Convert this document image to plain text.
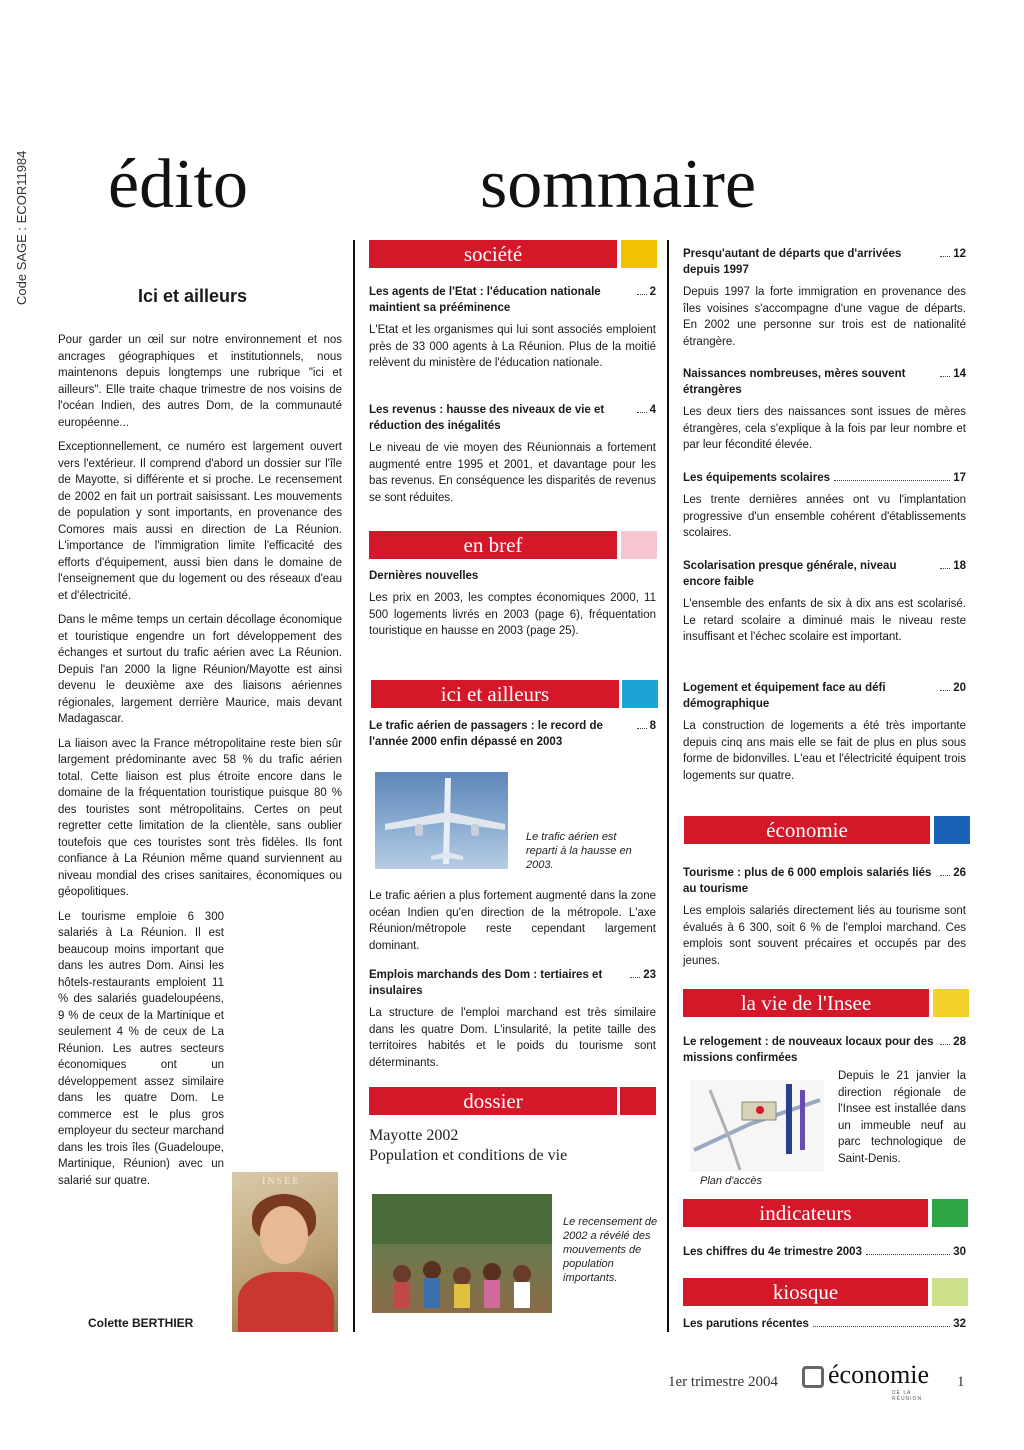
Code SAGE : ECOR11984 édito
Ici et ailleurs

Pour garder un œil sur notre environnement et nos ancrages géographiques et institutionnels, nous maintenons depuis longtemps une rubrique "ici et ailleurs". Elle traite chaque trimestre de nos voisins de l'océan Indien, des autres Dom, de la communauté européenne...

Exceptionnellement, ce numéro est largement ouvert vers l'extérieur. Il comprend d'abord un dossier sur l'île de Mayotte, si différente et si proche. Le recensement de 2002 en fait un portrait saisissant. Les mouvements de population y sont importants, en provenance des Comores mais aussi en direction de La Réunion. L'importance de l'immigration limite l'efficacité des efforts d'équipement, aussi bien dans le domaine de l'enseignement que du logement ou des réseaux d'eau et d'électricité.

Dans le même temps un certain décollage économique et touristique engendre un fort développement des échanges et surtout du trafic aérien avec La Réunion. Depuis l'an 2000 la ligne Réunion/Mayotte est ainsi devenu le deuxième axe des liaisons aériennes régionales, largement derrière Maurice, mais devant Madagascar.

La liaison avec la France métropolitaine reste bien sûr largement prédominante avec 58 % du trafic aérien total. Cette liaison est plus étroite encore dans le domaine de la fréquentation touristique puisque 80 % des touristes sont métropolitains. Certes on peut regretter cette limitation de la clientèle, sans oublier toutefois que ces touristes sont très fidèles. Ils font confiance à La Réunion même quand surviennent au niveau mondial des crises sanitaires, économiques ou géopolitiques.

Le tourisme emploie 6 300 salariés à La Réunion. Il est beaucoup moins important que dans les autres Dom. Ainsi les hôtels-restaurants emploient 11 % des salariés guadeloupéens, 9 % de ceux de la Martinique et seulement 4 % de ceux de La Réunion. Les autres secteurs économiques ont un développement assez similaire dans les quatre Dom. Le commerce est le plus gros employeur du secteur marchand dans les trois îles (Guadeloupe, Martinique, Réunion) avec un salarié sur quatre.	INSEE
Colette BERTHIER
sommaire
société
Les agents de l'Etat : l'éducation nationale maintient sa prééminence
2

L'Etat et les organismes qui lui sont associés emploient près de 33 000 agents à La Réunion. Plus de la moitié relèvent du ministère de l'éducation nationale.

Les revenus : hausse des niveaux de vie et réduction des inégalités
4

Le niveau de vie moyen des Réunionnais a fortement augmenté entre 1995 et 2001, et davantage pour les bas revenus. En conséquence les disparités de revenus se sont réduites.

en bref
Dernières nouvelles

Les prix en 2003, les comptes économiques 2000, 11 500 logements livrés en 2003 (page 6), fréquentation touristique en hausse en 2003 (page 25).

ici et ailleurs
Le trafic aérien de passagers : le record de l'année 2000 enfin dépassé en 2003
8
Le trafic aérien est reparti à la hausse en 2003.

Le trafic aérien a plus fortement augmenté dans la zone océan Indien qu'en direction de la métropole. L'axe Réunion/métropole reste cependant largement dominant.

Emplois marchands des Dom : tertiaires et insulaires
23

La structure de l'emploi marchand est très similaire dans les quatre Dom. L'insularité, la petite taille des territoires habités et le poids du tourisme sont déterminants.

dossier
Mayotte 2002
Population et conditions de vie
Le recensement de 2002 a révélé des mouvements de population importants.
Presqu'autant de départs que d'arrivées depuis 1997
12

Depuis 1997 la forte immigration en provenance des îles voisines s'accompagne d'une vague de départs. En 2002 une personne sur trois est de nationalité étrangère.

Naissances nombreuses, mères souvent étrangères
14

Les deux tiers des naissances sont issues de mères étrangères, cela s'explique à la fois par leur nombre et par leur fécondité élevée.

Les équipements scolaires	17

Les trente dernières années ont vu l'implantation progressive d'un ensemble cohérent d'établissements scolaires.

Scolarisation presque générale, niveau encore faible
18

L'ensemble des enfants de six à dix ans est scolarisé. Le retard scolaire a diminué mais le niveau reste insuffisant et l'échec scolaire est important.

Logement et équipement face au défi démographique
20

La construction de logements a été très importante depuis cinq ans mais elle se fait de plus en plus sous forme de bidonvilles. L'eau et l'électricité équipent trois logements sur quatre.

économie
Tourisme : plus de 6 000 emplois salariés liés au tourisme
26

Les emplois salariés directement liés au tourisme sont évalués à 6 300, soit 6 % de l'emploi marchand. Ces emplois sont souvent précaires et occupés par des jeunes.

la vie de l'Insee
Le relogement : de nouveaux locaux pour des missions confirmées
28
Plan d'accès

Depuis le 21 janvier la direction régionale de l'Insee est installée dans un immeuble neuf au parc technologique de Saint-Denis.

indicateurs
Les chiffres du 4e trimestre 2003	30
kiosque
Les parutions récentes	32
1er trimestre 2004 économie
DE LA RÉUNION
1
